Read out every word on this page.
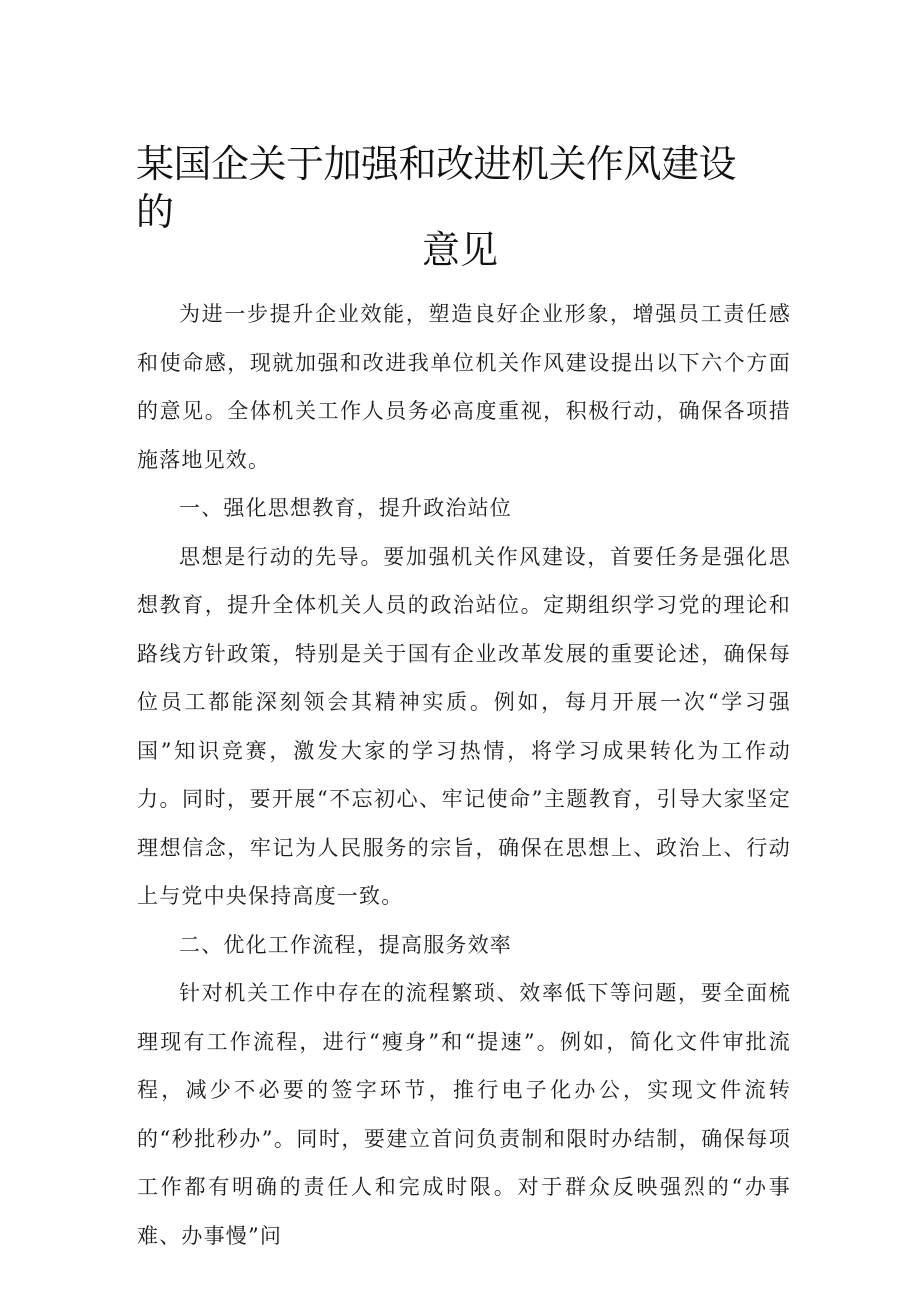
某国企关于加强和改进机关作风建设的
意见

为进一步提升企业效能，塑造良好企业形象，增强员工责任感和使命感，现就加强和改进我单位机关作风建设提出以下六个方面的意见。全体机关工作人员务必高度重视，积极行动，确保各项措施落地见效。

一、强化思想教育，提升政治站位

思想是行动的先导。要加强机关作风建设，首要任务是强化思想教育，提升全体机关人员的政治站位。定期组织学习党的理论和路线方针政策，特别是关于国有企业改革发展的重要论述，确保每位员工都能深刻领会其精神实质。例如，每月开展一次“学习强国”知识竞赛，激发大家的学习热情，将学习成果转化为工作动力。同时，要开展“不忘初心、牢记使命”主题教育，引导大家坚定理想信念，牢记为人民服务的宗旨，确保在思想上、政治上、行动上与党中央保持高度一致。

二、优化工作流程，提高服务效率

针对机关工作中存在的流程繁琐、效率低下等问题，要全面梳理现有工作流程，进行“瘦身”和“提速”。例如，简化文件审批流程，减少不必要的签字环节，推行电子化办公，实现文件流转的“秒批秒办”。同时，要建立首问负责制和限时办结制，确保每项工作都有明确的责任人和完成时限。对于群众反映强烈的“办事难、办事慢”问
